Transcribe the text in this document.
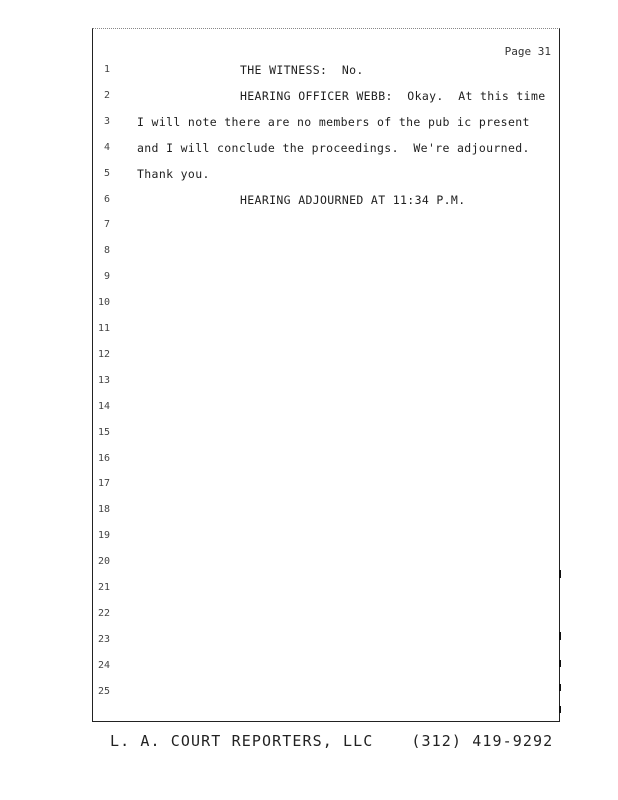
Page 31
1	THE WITNESS:  No.
2	HEARING OFFICER WEBB:  Okay.  At this time
3 I will note there are no members of the pub ic present
4 and I will conclude the proceedings.  We're adjourned.
5 Thank you.
6	HEARING ADJOURNED AT 11:34 P.M.
7
8
9
10
11
12
13
14
15
16
17
18
19
20
21
22
23
24
25
L. A. COURT REPORTERS, LLC	(312) 419-9292
